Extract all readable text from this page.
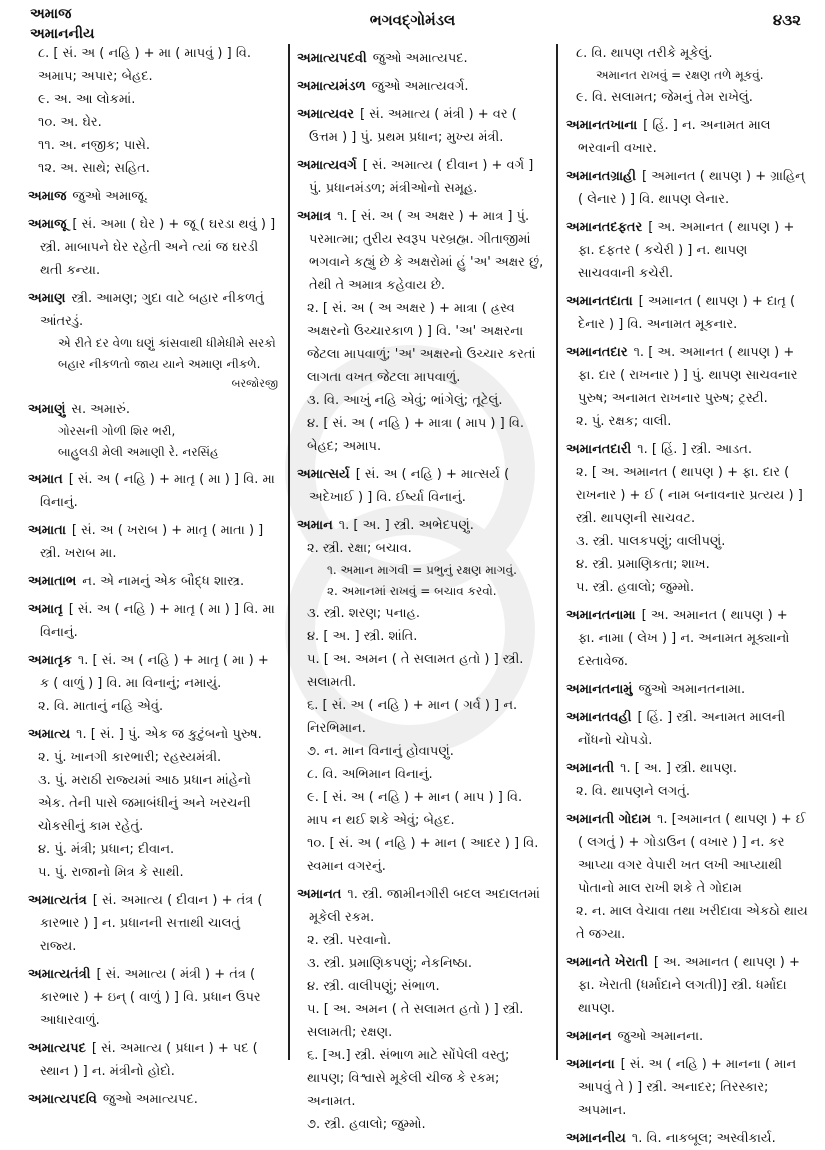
અમાજ
અમાનનીય
ભગવદ્ગોમંડલ	૪૩૨

૮. [ સં. અ ( નહિ ) + મા ( માપવું ) ] વિ. અમાપ; અપાર; બેહદ.

૯. અ. આ લોકમાં.

૧૦. અ. ઘેર.

૧૧. અ. નજીક; પાસે.

૧૨. અ. સાથે; સહિત.

અમાજ જુઓ અમાજૂ.

અમાજૂ [ સં. અમા ( ઘેર ) + જૂ ( ઘરડા થવું ) ] સ્ત્રી. માબાપને ઘેર રહેતી અને ત્યાં જ ઘરડી થતી કન્યા.

અમાણ સ્ત્રી. આમણ; ગુદા વાટે બહાર નીકળતું આંતરડું.

એ રીતે દર વેળા ઘણું કાંસવાથી ધીમેધીમે સરકો બહાર નીકળતો જાય યાને અમાણ નીકળે.

બરજોરજી

અમાણું સ. અમારું.

ગોરસની ગોળી શિર ભરી,

બાહુલડી મેલી અમાણી રે. નરસિંહ

અમાત [ સં. અ ( નહિ ) + માતૃ ( મા ) ] વિ. મા વિનાનું.

અમાતા [ સં. અ ( ખરાબ ) + માતૃ ( માતા ) ] સ્ત્રી. ખરાબ મા.

અમાતાભ ન. એ નામનું એક બૌદ્ધ શાસ્ત્ર.

અમાતૃ [ સં. અ ( નહિ ) + માતૃ ( મા ) ] વિ. મા વિનાનું.

અમાતૃક ૧. [ સં. અ ( નહિ ) + માતૃ ( મા ) + ક ( વાળું ) ] વિ. મા વિનાનું; નમાયું.

૨. વિ. માતાનું નહિ એવું.

અમાત્ય ૧. [ સં. ] પું. એક જ કુટુંબનો પુરુષ.

૨. પું. ખાનગી કારભારી; રહસ્યમંત્રી.

૩. પું. મરાઠી રાજ્યમાં આઠ પ્રધાન માંહેનો એક. તેની પાસે જમાબંધીનું અને ખરચની ચોકસીનું કામ રહેતું.

૪. પું. મંત્રી; પ્રધાન; દીવાન.

૫. પું. રાજાનો મિત્ર કે સાથી.

અમાત્યતંત્ર [ સં. અમાત્ય ( દીવાન ) + તંત્ર ( કારભાર ) ] ન. પ્રધાનની સત્તાથી ચાલતું રાજ્ય.

અમાત્યતંત્રી [ સં. અમાત્ય ( મંત્રી ) + તંત્ર ( કારભાર ) + ઇન્ ( વાળું ) ] વિ. પ્રધાન ઉપર આધારવાળું.

અમાત્યપદ [ સં. અમાત્ય ( પ્રધાન ) + પદ ( સ્થાન ) ] ન. મંત્રીનો હોદો.

અમાત્યપદવિ જુઓ અમાત્યપદ.

અમાત્યપદવી જુઓ અમાત્યપદ.

અમાત્યમંડળ જુઓ અમાત્યવર્ગ.

અમાત્યવર [ સં. અમાત્ય ( મંત્રી ) + વર ( ઉત્તમ ) ] પું. પ્રથમ પ્રધાન; મુખ્ય મંત્રી.

અમાત્યવર્ગ [ સં. અમાત્ય ( દીવાન ) + વર્ગ ] પું. પ્રધાનમંડળ; મંત્રીઓનો સમૂહ.

અમાત્ર ૧. [ સં. અ ( અ અક્ષર ) + માત્ર ] પું. પરમાત્મા; તુરીય સ્વરૂપ પરબ્રહ્મ. ગીતાજીમાં ભગવાને કહ્યું છે કે અક્ષરોમાં હું 'અ' અક્ષર છું, તેથી તે અમાત્ર કહેવાય છે.

૨. [ સં. અ ( અ અક્ષર ) + માત્રા ( હ્રસ્વ અક્ષરનો ઉચ્ચારકાળ ) ] વિ. 'અ' અક્ષરના જેટલા માપવાળું; 'અ' અક્ષરનો ઉચ્ચાર કરતાં લાગતા વખત જેટલા માપવાળું.

૩. વિ. આખું નહિ એવું; ભાંગેલું; તૂટેલું.

૪. [ સં. અ ( નહિ ) + માત્રા ( માપ ) ] વિ. બેહદ; અમાપ.

અમાત્સર્ય [ સં. અ ( નહિ ) + માત્સર્ય ( અદેખાઈ ) ] વિ. ઈર્ષ્યા વિનાનું.

અમાન ૧. [ અ. ] સ્ત્રી. અભેદપણું.

૨. સ્ત્રી. રક્ષા; બચાવ.

૧. અમાન માગવી = પ્રભુનું રક્ષણ માગવું.

૨. અમાનમાં રાખવું = બચાવ કરવો.

૩. સ્ત્રી. શરણ; પનાહ.

૪. [ અ. ] સ્ત્રી. શાંતિ.

૫. [ અ. અમન ( તે સલામત હતો ) ] સ્ત્રી. સલામતી.

૬. [ સં. અ ( નહિ ) + માન ( ગર્વ ) ] ન. નિરભિમાન.

૭. ન. માન વિનાનું હોવાપણું.

૮. વિ. અભિમાન વિનાનું.

૯. [ સં. અ ( નહિ ) + માન ( માપ ) ] વિ. માપ ન થઈ શકે એવું; બેહદ.

૧૦. [ સં. અ ( નહિ ) + માન ( આદર ) ] વિ. સ્વમાન વગરનું.

અમાનત ૧. સ્ત્રી. જામીનગીરી બદલ અદાલતમાં મૂકેલી રકમ.

૨. સ્ત્રી. પરવાનો.

૩. સ્ત્રી. પ્રમાણિકપણું; નેકનિષ્ઠા.

૪. સ્ત્રી. વાલીપણું; સંભાળ.

૫. [ અ. અમન ( તે સલામત હતો ) ] સ્ત્રી. સલામતી; રક્ષણ.

૬. [અ.] સ્ત્રી. સંભાળ માટે સોંપેલી વસ્તુ; થાપણ; વિશ્વાસે મૂકેલી ચીજ કે રકમ; અનામત.

૭. સ્ત્રી. હવાલો; જુમ્મો.

૮. વિ. થાપણ તરીકે મૂકેલું.

અમાનત રાખવું = રક્ષણ તળે મૂકવું.

૯. વિ. સલામત; જેમનું તેમ રાખેલું.

અમાનતખાના [ હિં. ] ન. અનામત માલ ભરવાની વખાર.

અમાનતગ્રાહી [ અમાનત ( થાપણ ) + ગ્રાહિન્ ( લેનાર ) ] વિ. થાપણ લેનાર.

અમાનતદફતર [ અ. અમાનત ( થાપણ ) + ફા. દફતર ( કચેરી ) ] ન. થાપણ સાચવવાની કચેરી.

અમાનતદાતા [ અમાનત ( થાપણ ) + દાતૃ ( દેનાર ) ] વિ. અનામત મૂકનાર.

અમાનતદાર ૧. [ અ. અમાનત ( થાપણ ) + ફા. દાર ( રાખનાર ) ] પું. થાપણ સાચવનાર પુરુષ; અનામત રાખનાર પુરુષ; ટ્રસ્ટી.

૨. પું. રક્ષક; વાલી.

અમાનતદારી ૧. [ હિં. ] સ્ત્રી. આડત.

૨. [ અ. અમાનત ( થાપણ ) + ફા. દાર ( રાખનાર ) + ઈ ( નામ બનાવનાર પ્રત્યય ) ] સ્ત્રી. થાપણની સાચવટ.

૩. સ્ત્રી. પાલકપણું; વાલીપણું.

૪. સ્ત્રી. પ્રમાણિકતા; શાખ.

૫. સ્ત્રી. હવાલો; જુમ્મો.

અમાનતનામા [ અ. અમાનત ( થાપણ ) + ફા. નામા ( લેખ ) ] ન. અનામત મૂક્યાનો દસ્તાવેજ.

અમાનતનામું જુઓ અમાનતનામા.

અમાનતવહી [ હિં. ] સ્ત્રી. અનામત માલની નોંધનો ચોપડો.

અમાનતી ૧. [ અ. ] સ્ત્રી. થાપણ.

૨. વિ. થાપણને લગતું.

અમાનતી ગોદામ ૧. [અમાનત ( થાપણ ) + ઈ ( લગતું ) + ગોડાઉન ( વખાર ) ] ન. કર આપ્યા વગર વેપારી ખત લખી આપ્યાથી પોતાનો માલ રાખી શકે તે ગોદામ

૨. ન. માલ વેચાવા તથા ખરીદાવા એકઠો થાય તે જગ્યા.

અમાનતે ખેરાતી [ અ. અમાનત ( થાપણ ) + ફા. ખેરાતી (ધર્માદાને લગતી)] સ્ત્રી. ધર્માદા થાપણ.

અમાનન જુઓ અમાનના.

અમાનના [ સં. અ ( નહિ ) + માનના ( માન આપવું તે ) ] સ્ત્રી. અનાદર; તિરસ્કાર; અપમાન.

અમાનનીય ૧. વિ. નાકબૂલ; અસ્વીકાર્ય.
